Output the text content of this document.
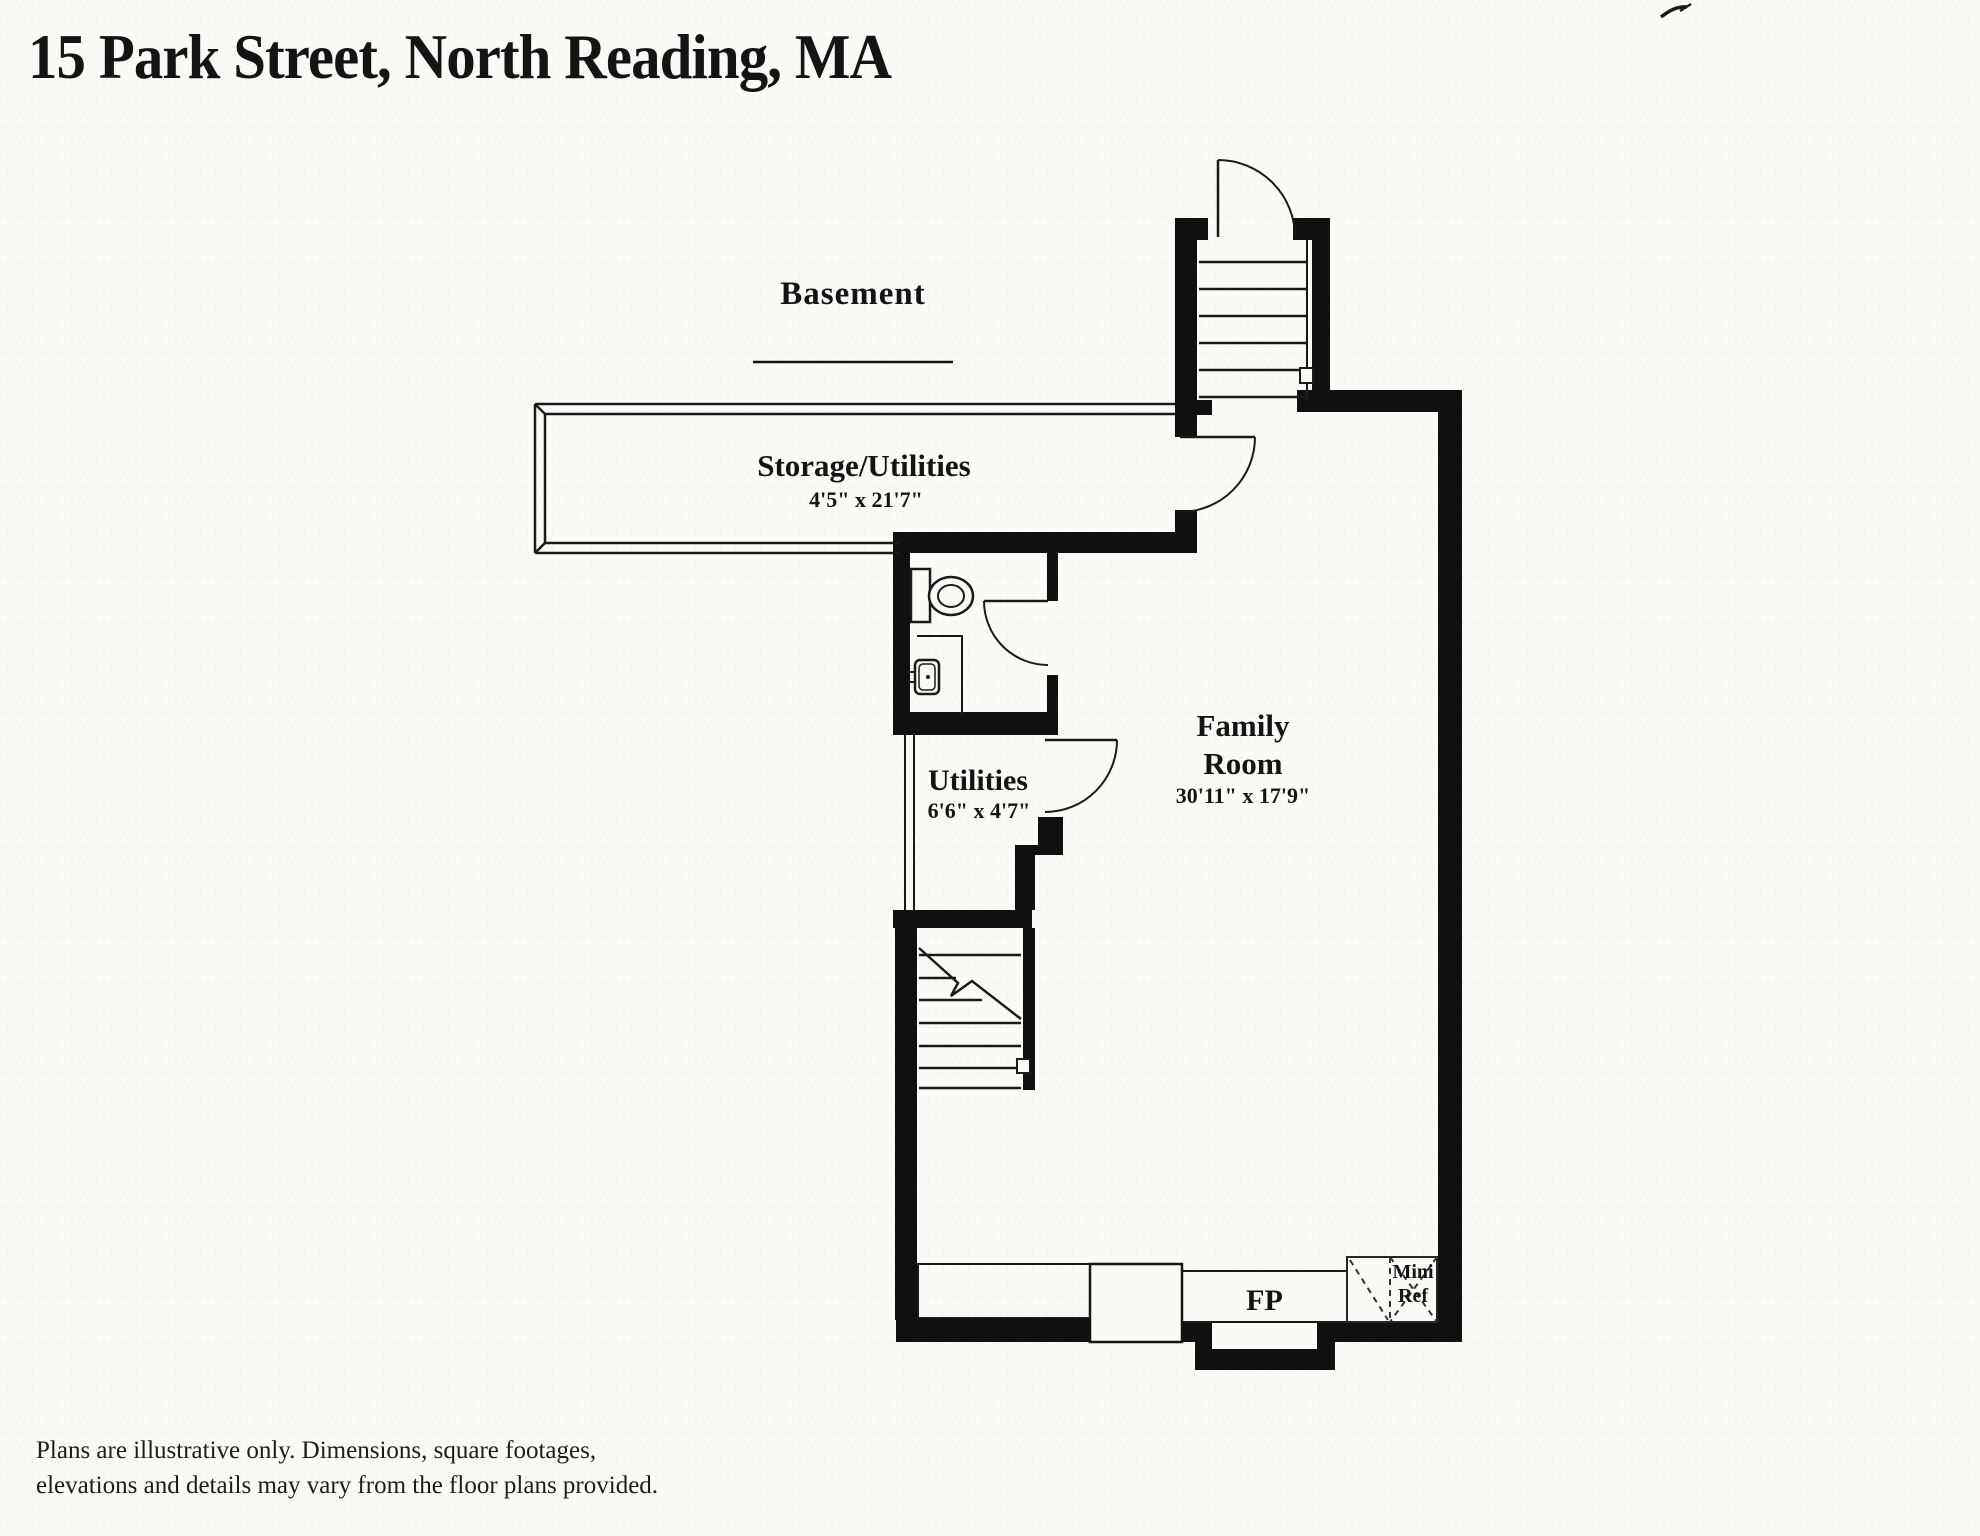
15 Park Street, North Reading, MA
Basement
Storage/Utilities
4'5" x 21'7"
Utilities
6'6" x 4'7"
Family
Room
30'11" x 17'9"
FP
Mini
Ref
Plans are illustrative only. Dimensions, square footages,
elevations and details may vary from the floor plans provided.
